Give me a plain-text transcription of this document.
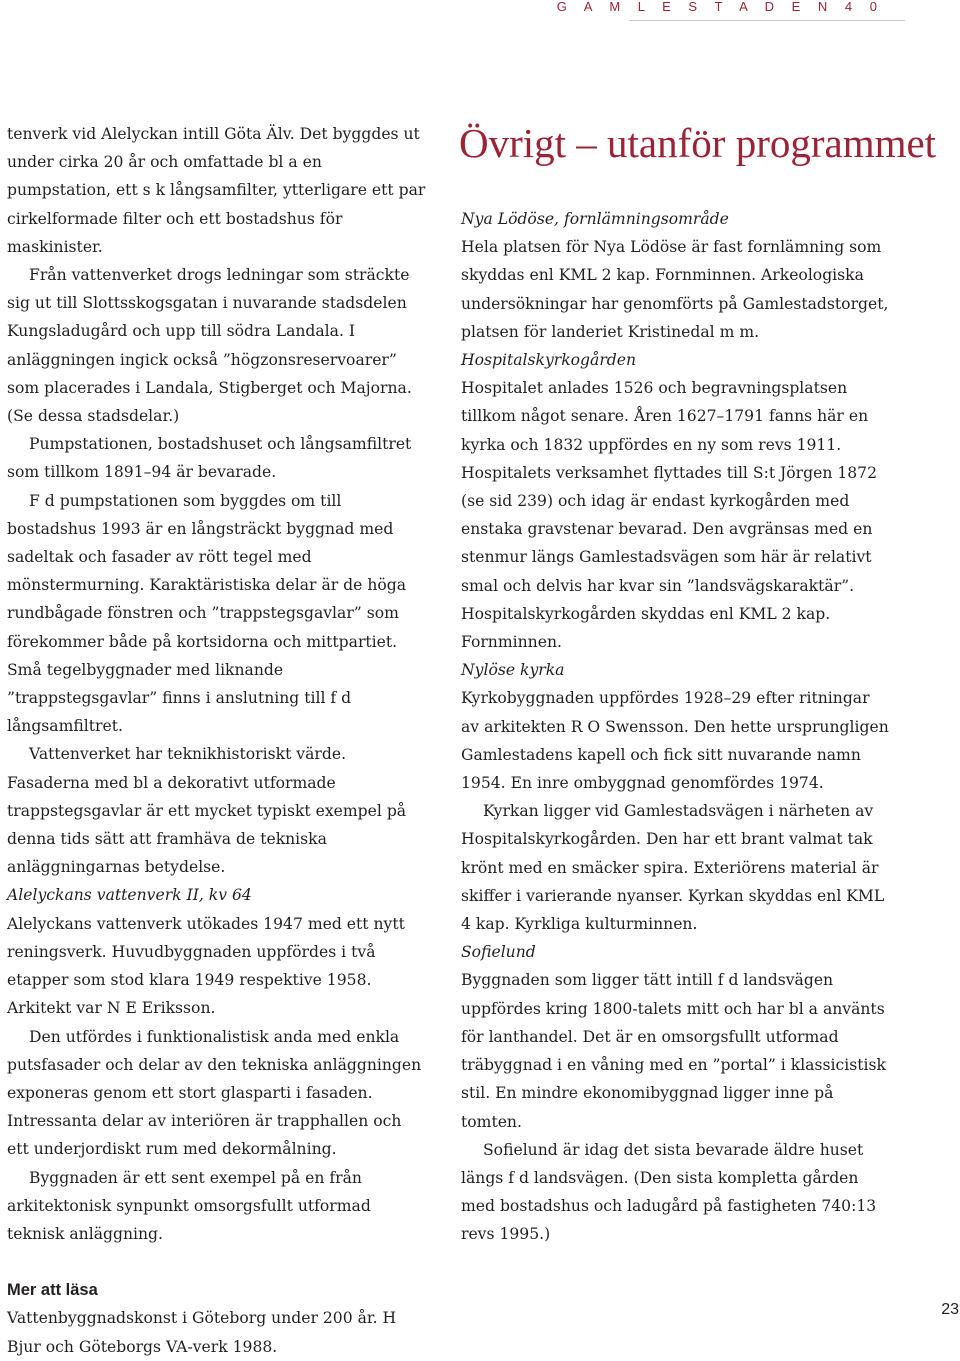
G A M L E S T A D E N 4 0

tenverk vid Alelyckan intill Göta Älv. Det byggdes ut under cirka 20 år och omfattade bl a en pumpstation, ett s k långsamfilter, ytterligare ett par cirkelformade filter och ett bostadshus för maskinister.

Från vattenverket drogs ledningar som sträckte sig ut till Slottsskogsgatan i nuvarande stadsdelen Kungsladugård och upp till södra Landala. I anläggningen ingick också ”högzonsreservoarer” som placerades i Landala, Stigberget och Majorna. (Se dessa stadsdelar.)

Pumpstationen, bostadshuset och långsamfiltret som tillkom 1891–94 är bevarade.

F d pumpstationen som byggdes om till bostadshus 1993 är en långsträckt byggnad med sadeltak och fasader av rött tegel med mönstermurning. Karaktäristiska delar är de höga rundbågade fönstren och ”trappstegsgavlar” som förekommer både på kortsidorna och mittpartiet. Små tegelbyggnader med liknande ”trappstegsgavlar” finns i anslutning till f d långsamfiltret.

Vattenverket har teknikhistoriskt värde. Fasaderna med bl a dekorativt utformade trappstegsgavlar är ett mycket typiskt exempel på denna tids sätt att framhäva de tekniska anläggningarnas betydelse.

Alelyckans vattenverk II, kv 64

Alelyckans vattenverk utökades 1947 med ett nytt reningsverk. Huvudbyggnaden uppfördes i två etapper som stod klara 1949 respektive 1958. Arkitekt var N E Eriksson.

Den utfördes i funktionalistisk anda med enkla putsfasader och delar av den tekniska anläggningen exponeras genom ett stort glasparti i fasaden. Intressanta delar av interiören är trapphallen och ett underjordiskt rum med dekormålning.

Byggnaden är ett sent exempel på en från arkitektonisk synpunkt omsorgsfullt utformad teknisk anläggning.

Mer att läsa

Vattenbyggnadskonst i Göteborg under 200 år. H Bjur och Göteborgs VA-verk 1988.

Övrigt – utanför programmet

Nya Lödöse, fornlämningsområde

Hela platsen för Nya Lödöse är fast fornlämning som skyddas enl KML 2 kap. Fornminnen. Arkeologiska undersökningar har genomförts på Gamlestadstorget, platsen för landeriet Kristinedal m m.

Hospitalskyrkogården

Hospitalet anlades 1526 och begravningsplatsen tillkom något senare. Åren 1627–1791 fanns här en kyrka och 1832 uppfördes en ny som revs 1911. Hospitalets verksamhet flyttades till S:t Jörgen 1872 (se sid 239) och idag är endast kyrkogården med enstaka gravstenar bevarad. Den avgränsas med en stenmur längs Gamlestadsvägen som här är relativt smal och delvis har kvar sin ”landsvägskaraktär”. Hospitalskyrkogården skyddas enl KML 2 kap. Fornminnen.

Nylöse kyrka

Kyrkobyggnaden uppfördes 1928–29 efter ritningar av arkitekten R O Swensson. Den hette ursprungligen Gamlestadens kapell och fick sitt nuvarande namn 1954. En inre ombyggnad genomfördes 1974.

Kyrkan ligger vid Gamlestadsvägen i närheten av Hospitalskyrkogården. Den har ett brant valmat tak krönt med en smäcker spira. Exteriörens material är skiffer i varierande nyanser. Kyrkan skyddas enl KML 4 kap. Kyrkliga kulturminnen.

Sofielund

Byggnaden som ligger tätt intill f d landsvägen uppfördes kring 1800-talets mitt och har bl a använts för lanthandel. Det är en omsorgsfullt utformad träbyggnad i en våning med en ”portal” i klassicistisk stil. En mindre ekonomibyggnad ligger inne på tomten.

Sofielund är idag det sista bevarade äldre huset längs f d landsvägen. (Den sista kompletta gården med bostadshus och ladugård på fastigheten 740:13 revs 1995.)

23
